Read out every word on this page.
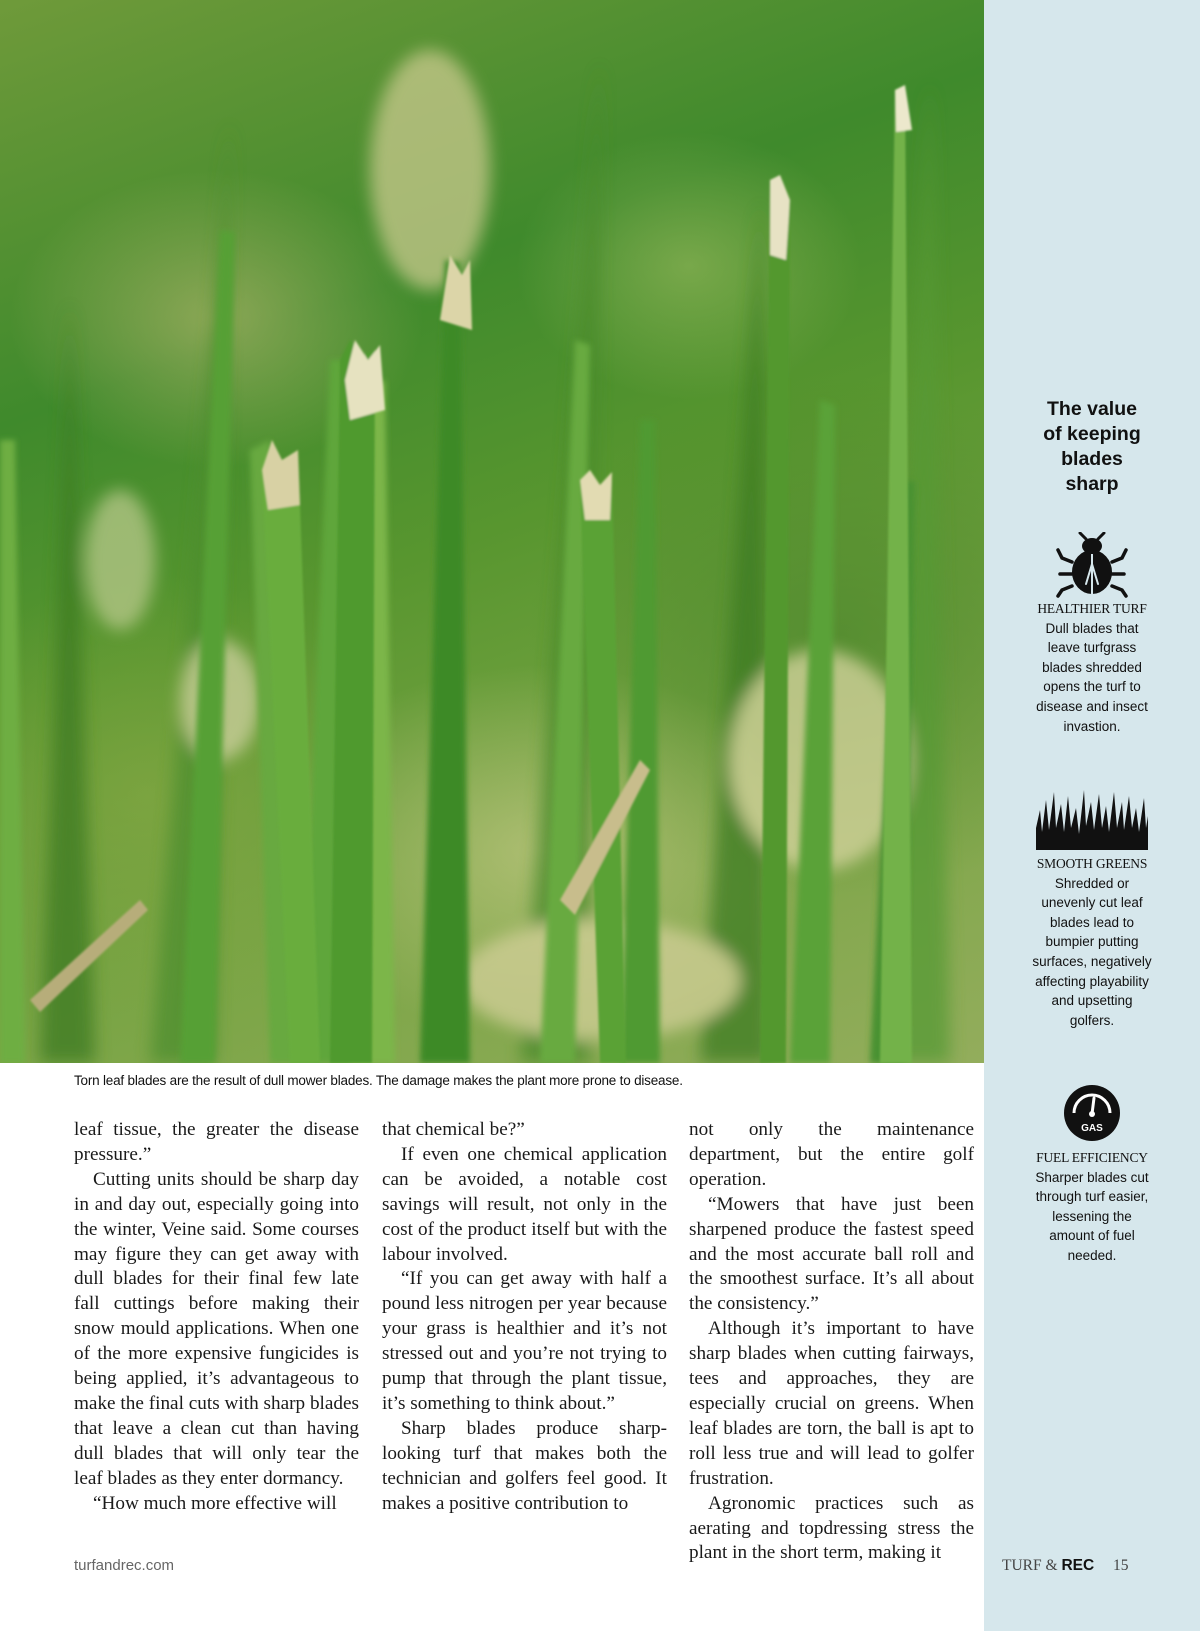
Torn leaf blades are the result of dull mower blades. The damage makes the plant more prone to disease.

leaf tissue, the greater the disease pressure.”

Cutting units should be sharp day in and day out, especially going into the winter, Veine said. Some courses may figure they can get away with dull blades for their final few late fall cuttings before making their snow mould applications. When one of the more expensive fungicides is being applied, it’s advantageous to make the final cuts with sharp blades that leave a clean cut than having dull blades that will only tear the leaf blades as they enter dormancy.

“How much more effective will

that chemical be?”

If even one chemical application can be avoided, a notable cost savings will result, not only in the cost of the product itself but with the labour involved.

“If you can get away with half a pound less nitrogen per year because your grass is healthier and it’s not stressed out and you’re not trying to pump that through the plant tissue, it’s something to think about.”

Sharp blades produce sharp-looking turf that makes both the technician and golfers feel good. It makes a positive contribution to

not only the maintenance department, but the entire golf operation.

“Mowers that have just been sharpened produce the fastest speed and the most accurate ball roll and the smoothest surface. It’s all about the consistency.”

Although it’s important to have sharp blades when cutting fairways, tees and approaches, they are especially crucial on greens. When leaf blades are torn, the ball is apt to roll less true and will lead to golfer frustration.

Agronomic practices such as aerating and topdressing stress the plant in the short term, making it

turfandrec.com
The value
of keeping
blades
sharp
HEALTHIER TURF
Dull blades that leave turfgrass blades shredded opens the turf to disease and insect invastion.
SMOOTH GREENS
Shredded or unevenly cut leaf blades lead to bumpier putting surfaces, negatively affecting playability and upsetting golfers.
GAS
FUEL EFFICIENCY
Sharper blades cut through turf easier, lessening the amount of fuel needed.
TURF & REC 15
